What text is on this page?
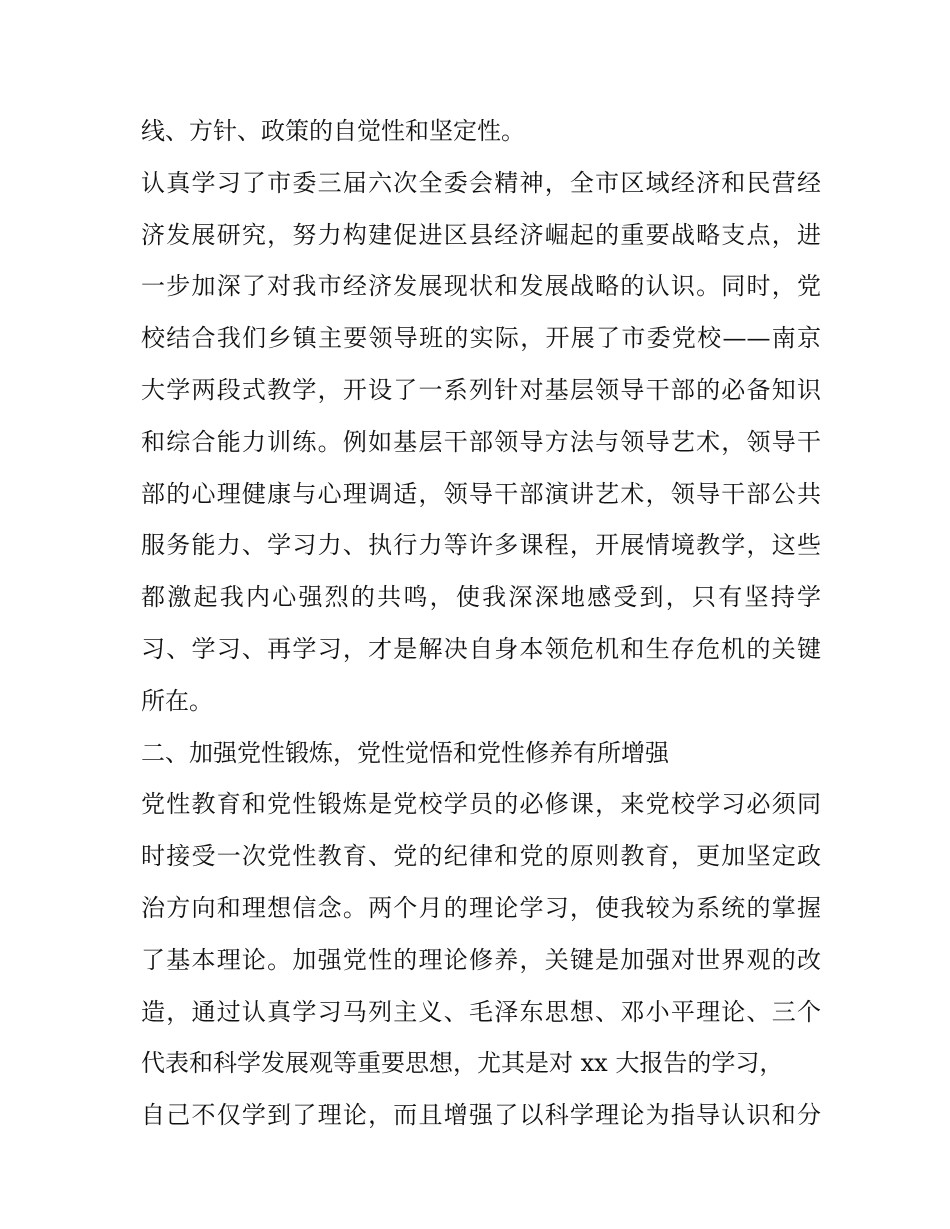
线、方针、政策的自觉性和坚定性。
认真学习了市委三届六次全委会精神，全市区域经济和民营经
济发展研究，努力构建促进区县经济崛起的重要战略支点，进
一步加深了对我市经济发展现状和发展战略的认识。同时，党
校结合我们乡镇主要领导班的实际，开展了市委党校——南京
大学两段式教学，开设了一系列针对基层领导干部的必备知识
和综合能力训练。例如基层干部领导方法与领导艺术，领导干
部的心理健康与心理调适，领导干部演讲艺术，领导干部公共
服务能力、学习力、执行力等许多课程，开展情境教学，这些
都激起我内心强烈的共鸣，使我深深地感受到，只有坚持学
习、学习、再学习，才是解决自身本领危机和生存危机的关键
所在。
二、加强党性锻炼，党性觉悟和党性修养有所增强
党性教育和党性锻炼是党校学员的必修课，来党校学习必须同
时接受一次党性教育、党的纪律和党的原则教育，更加坚定政
治方向和理想信念。两个月的理论学习，使我较为系统的掌握
了基本理论。加强党性的理论修养，关键是加强对世界观的改
造，通过认真学习马列主义、毛泽东思想、邓小平理论、三个
代表和科学发展观等重要思想，尤其是对 xx 大报告的学习，
自己不仅学到了理论，而且增强了以科学理论为指导认识和分
